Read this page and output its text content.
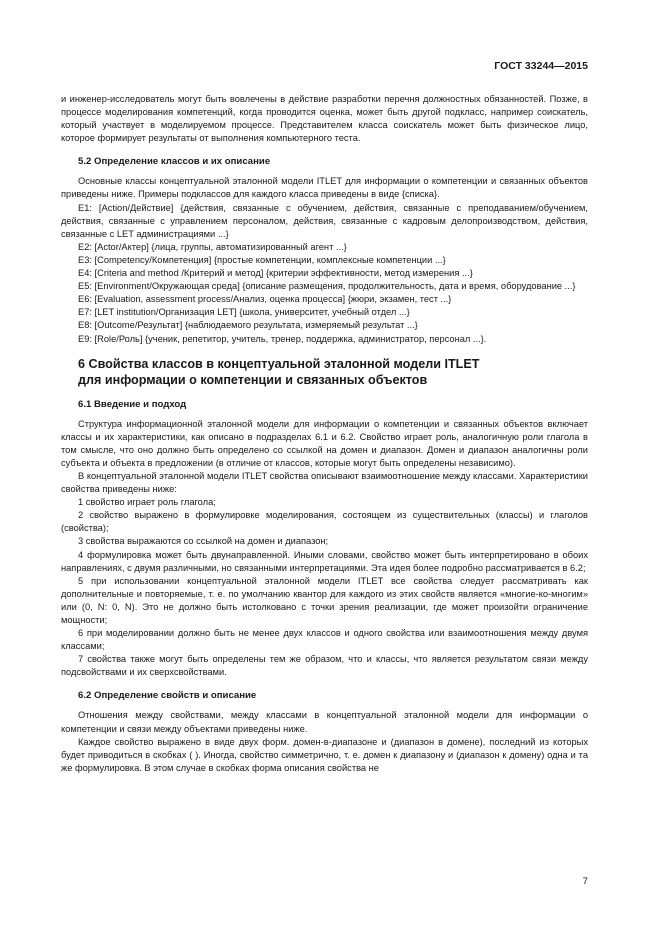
ГОСТ 33244—2015

и инженер-исследователь могут быть вовлечены в действие разработки перечня должностных обязанностей. Позже, в процессе моделирования компетенций, когда проводится оценка, может быть другой подкласс, например соискатель, который участвует в моделируемом процессе. Представителем класса соискатель может быть физическое лицо, которое формирует результаты от выполнения компьютерного теста.

5.2 Определение классов и их описание

Основные классы концептуальной эталонной модели ITLET для информации о компетенции и связанных объектов приведены ниже. Примеры подклассов для каждого класса приведены в виде {списка}.

E1: [Action/Действие] {действия, связанные с обучением, действия, связанные с преподаванием/обучением, действия, связанные с управлением персоналом, действия, связанные с кадровым делопроизводством, действия, связанные с LET администрациями ...}

E2: [Actor/Актер] {лица, группы, автоматизированный агент ...}

E3: [Competency/Компетенция] {простые компетенции, комплексные компетенции ...}

E4: [Criteria and method /Критерий и метод] {критерии эффективности, метод измерения ...}

E5: [Environment/Окружающая среда] {описание размещения, продолжительность, дата и время, оборудование ...}

E6: [Evaluation, assessment process/Анализ, оценка процесса] {жюри, экзамен, тест ...}

E7: [LET institution/Организация LET] {школа, университет, учебный отдел ...}

E8: [Outcome/Результат] {наблюдаемого результата, измеряемый результат ...}

E9: [Role/Роль] {ученик, репетитор, учитель, тренер, поддержка, администратор, персонал ...}.

6 Свойства классов в концептуальной эталонной модели ITLET
для информации о компетенции и связанных объектов
6.1 Введение и подход

Структура информационной эталонной модели для информации о компетенции и связанных объектов включает классы и их характеристики, как описано в подразделах 6.1 и 6.2. Свойство играет роль, аналогичную роли глагола в том смысле, что оно должно быть определено со ссылкой на домен и диапазон. Домен и диапазон аналогичны роли субъекта и объекта в предложении (в отличие от классов, которые могут быть определены независимо).

В концептуальной эталонной модели ITLET свойства описывают взаимоотношение между классами. Характеристики свойства приведены ниже:

1 свойство играет роль глагола;

2 свойство выражено в формулировке моделирования, состоящем из существительных (классы) и глаголов (свойства);

3 свойства выражаются со ссылкой на домен и диапазон;

4 формулировка может быть двунаправленной. Иными словами, свойство может быть интерпретировано в обоих направлениях, с двумя различными, но связанными интерпретациями. Эта идея более подробно рассматривается в 6.2;

5 при использовании концептуальной эталонной модели ITLET все свойства следует рассматривать как дополнительные и повторяемые, т. е. по умолчанию квантор для каждого из этих свойств является «многие-ко-многим» или (0, N: 0, N). Это не должно быть истолковано с точки зрения реализации, где может произойти ограничение мощности;

6 при моделировании должно быть не менее двух классов и одного свойства или взаимоотношения между двумя классами;

7 свойства также могут быть определены тем же образом, что и классы, что является результатом связи между подсвойствами и их сверхсвойствами.

6.2 Определение свойств и описание

Отношения между свойствами, между классами в концептуальной эталонной модели для информации о компетенции и связи между объектами приведены ниже.

Каждое свойство выражено в виде двух форм. домен-в-диапазоне и (диапазон в домене), последний из которых будет приводиться в скобках ( ). Иногда, свойство симметрично, т. е. домен к диапазону и (диапазон к домену) одна и та же формулировка. В этом случае в скобках форма описания свойства не

7
